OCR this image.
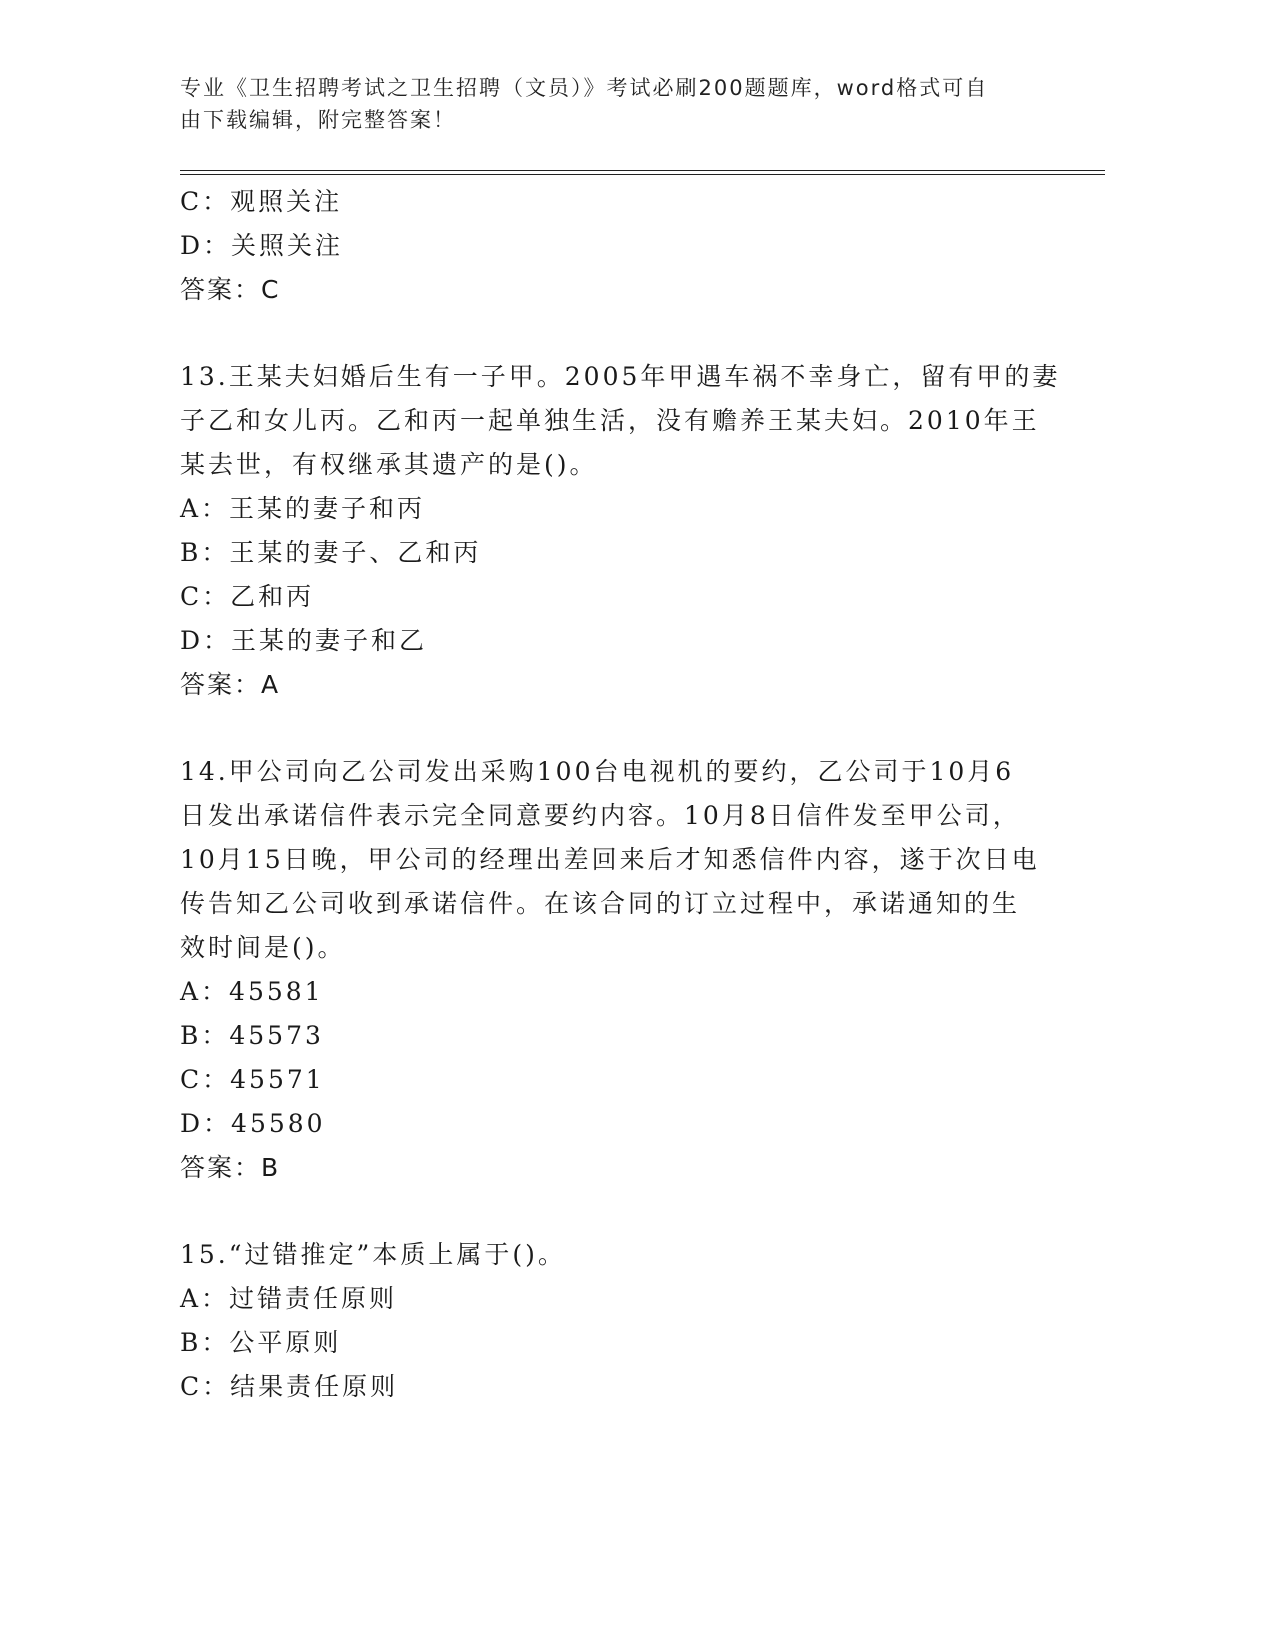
专业《卫生招聘考试之卫生招聘（文员）》考试必刷200题题库，word格式可自
由下载编辑，附完整答案！
C：观照关注
D：关照关注
答案：C
13.王某夫妇婚后生有一子甲。2005年甲遇车祸不幸身亡，留有甲的妻
子乙和女儿丙。乙和丙一起单独生活，没有赡养王某夫妇。2010年王
某去世，有权继承其遗产的是()。
A：王某的妻子和丙
B：王某的妻子、乙和丙
C：乙和丙
D：王某的妻子和乙
答案：A
14.甲公司向乙公司发出采购100台电视机的要约，乙公司于10月6
日发出承诺信件表示完全同意要约内容。10月8日信件发至甲公司，
10月15日晚，甲公司的经理出差回来后才知悉信件内容，遂于次日电
传告知乙公司收到承诺信件。在该合同的订立过程中，承诺通知的生
效时间是()。
A：45581
B：45573
C：45571
D：45580
答案：B
15.“过错推定”本质上属于()。
A：过错责任原则
B：公平原则
C：结果责任原则
